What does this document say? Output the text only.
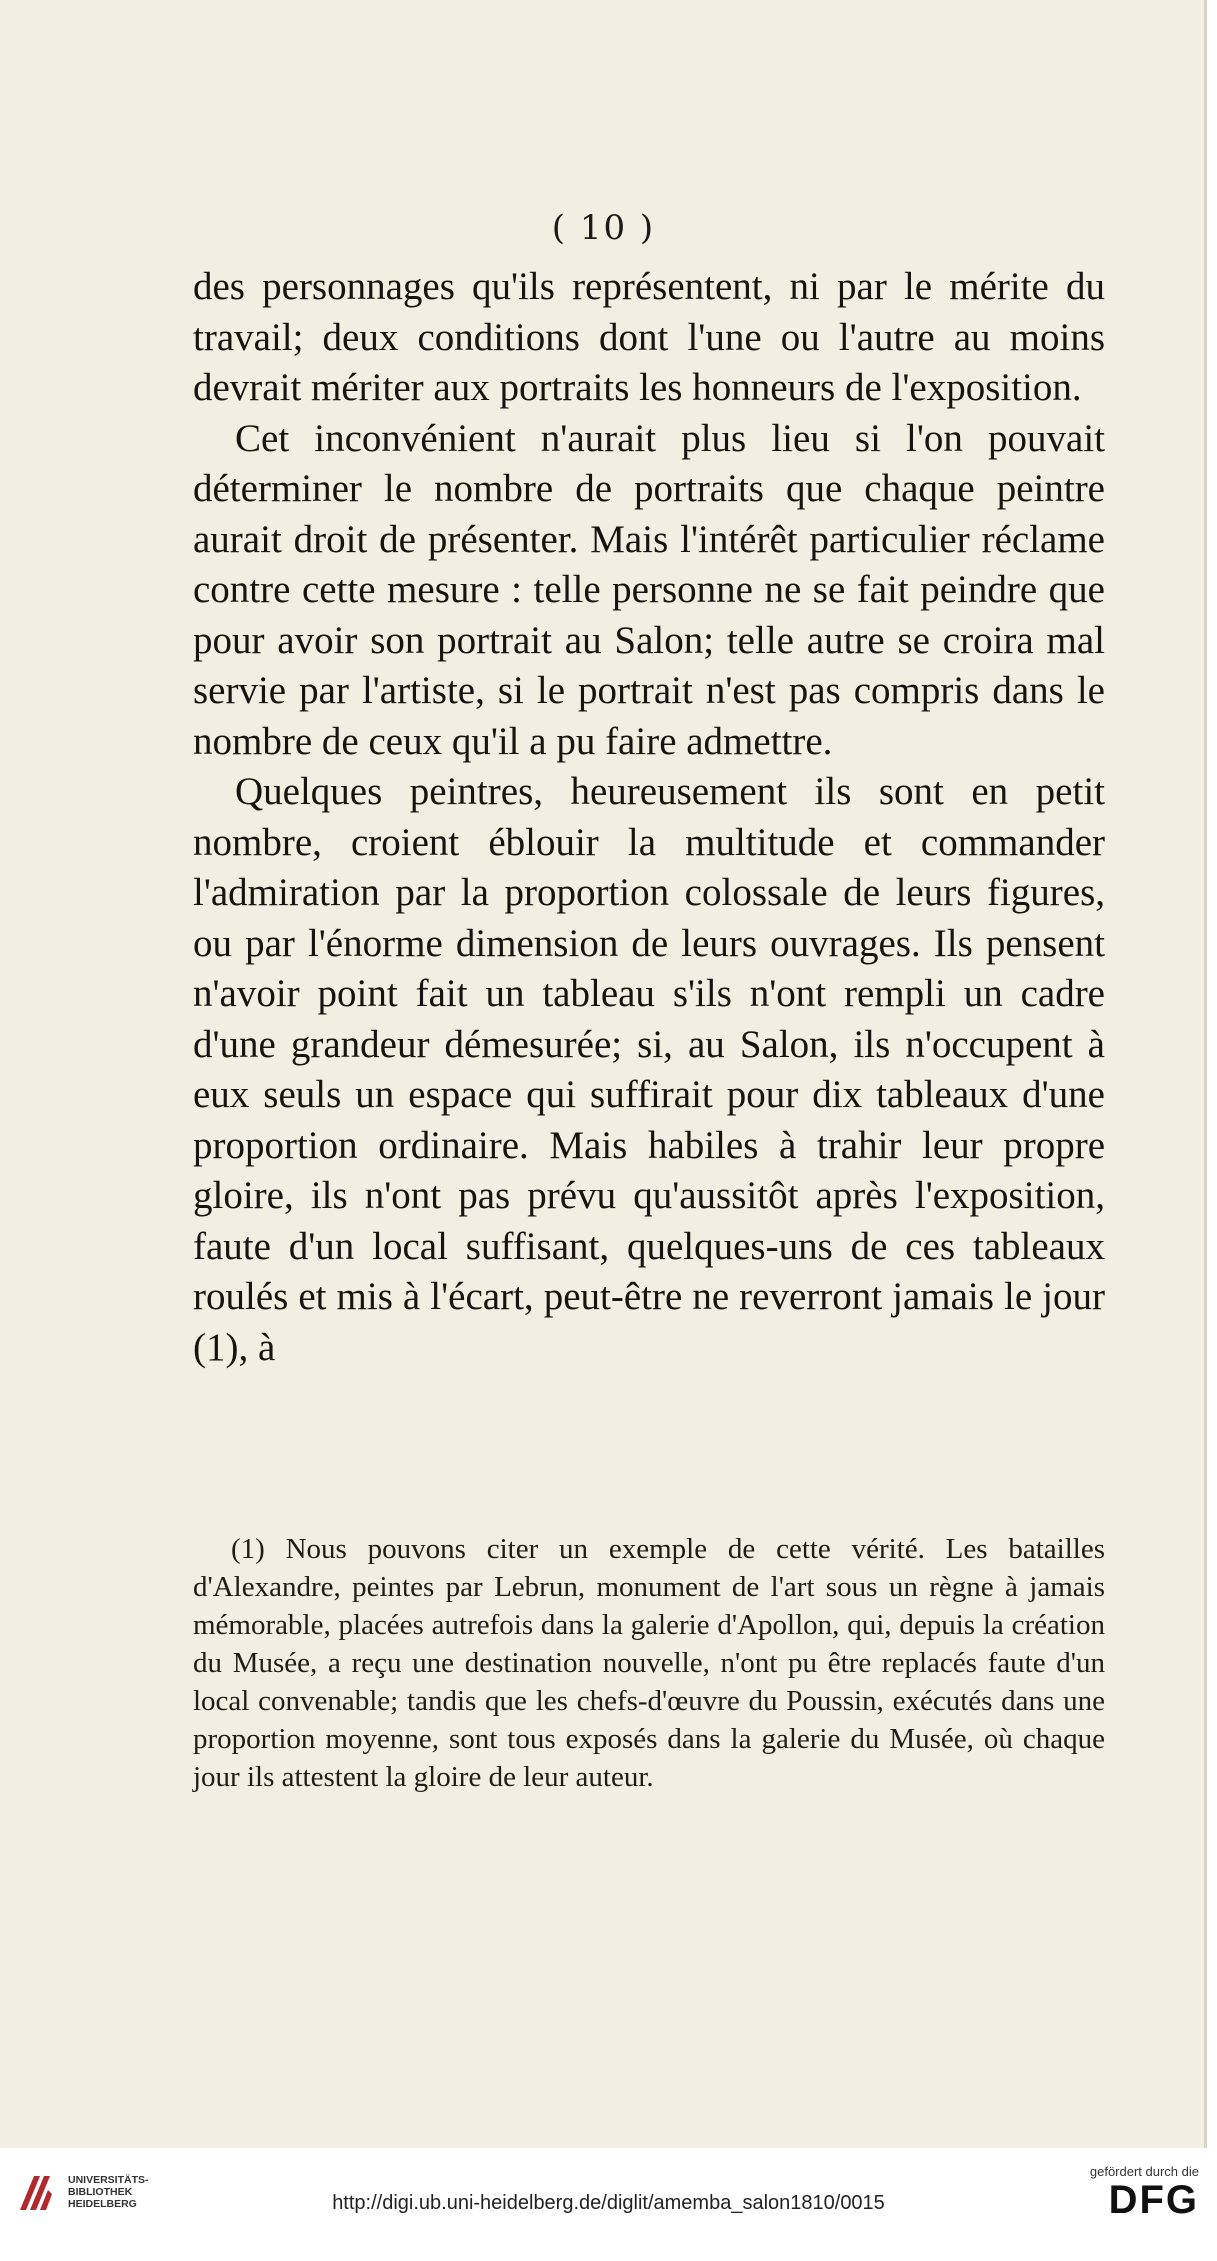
( 10 )

des personnages qu'ils représentent, ni par le mérite du travail; deux conditions dont l'une ou l'autre au moins devrait mériter aux portraits les honneurs de l'exposition.

Cet inconvénient n'aurait plus lieu si l'on pouvait déterminer le nombre de portraits que chaque peintre aurait droit de présenter. Mais l'intérêt particulier réclame contre cette mesure : telle personne ne se fait peindre que pour avoir son portrait au Salon; telle autre se croira mal servie par l'artiste, si le portrait n'est pas compris dans le nombre de ceux qu'il a pu faire admettre.

Quelques peintres, heureusement ils sont en petit nombre, croient éblouir la multitude et commander l'admiration par la proportion colossale de leurs figures, ou par l'énorme dimension de leurs ouvrages. Ils pensent n'avoir point fait un tableau s'ils n'ont rempli un cadre d'une grandeur démesurée; si, au Salon, ils n'occupent à eux seuls un espace qui suffirait pour dix tableaux d'une proportion ordinaire. Mais habiles à trahir leur propre gloire, ils n'ont pas prévu qu'aussitôt après l'exposition, faute d'un local suffisant, quelques-uns de ces tableaux roulés et mis à l'écart, peut-être ne reverront jamais le jour (1), à

(1) Nous pouvons citer un exemple de cette vérité. Les batailles d'Alexandre, peintes par Lebrun, monument de l'art sous un règne à jamais mémorable, placées autrefois dans la galerie d'Apollon, qui, depuis la création du Musée, a reçu une destination nouvelle, n'ont pu être replacés faute d'un local convenable; tandis que les chefs-d'œuvre du Poussin, exécutés dans une proportion moyenne, sont tous exposés dans la galerie du Musée, où chaque jour ils attestent la gloire de leur auteur.

UNIVERSITÄTS-
BIBLIOTHEK
HEIDELBERG	http://digi.ub.uni-heidelberg.de/diglit/amemba_salon1810/0015
gefördert durch die
DFG
